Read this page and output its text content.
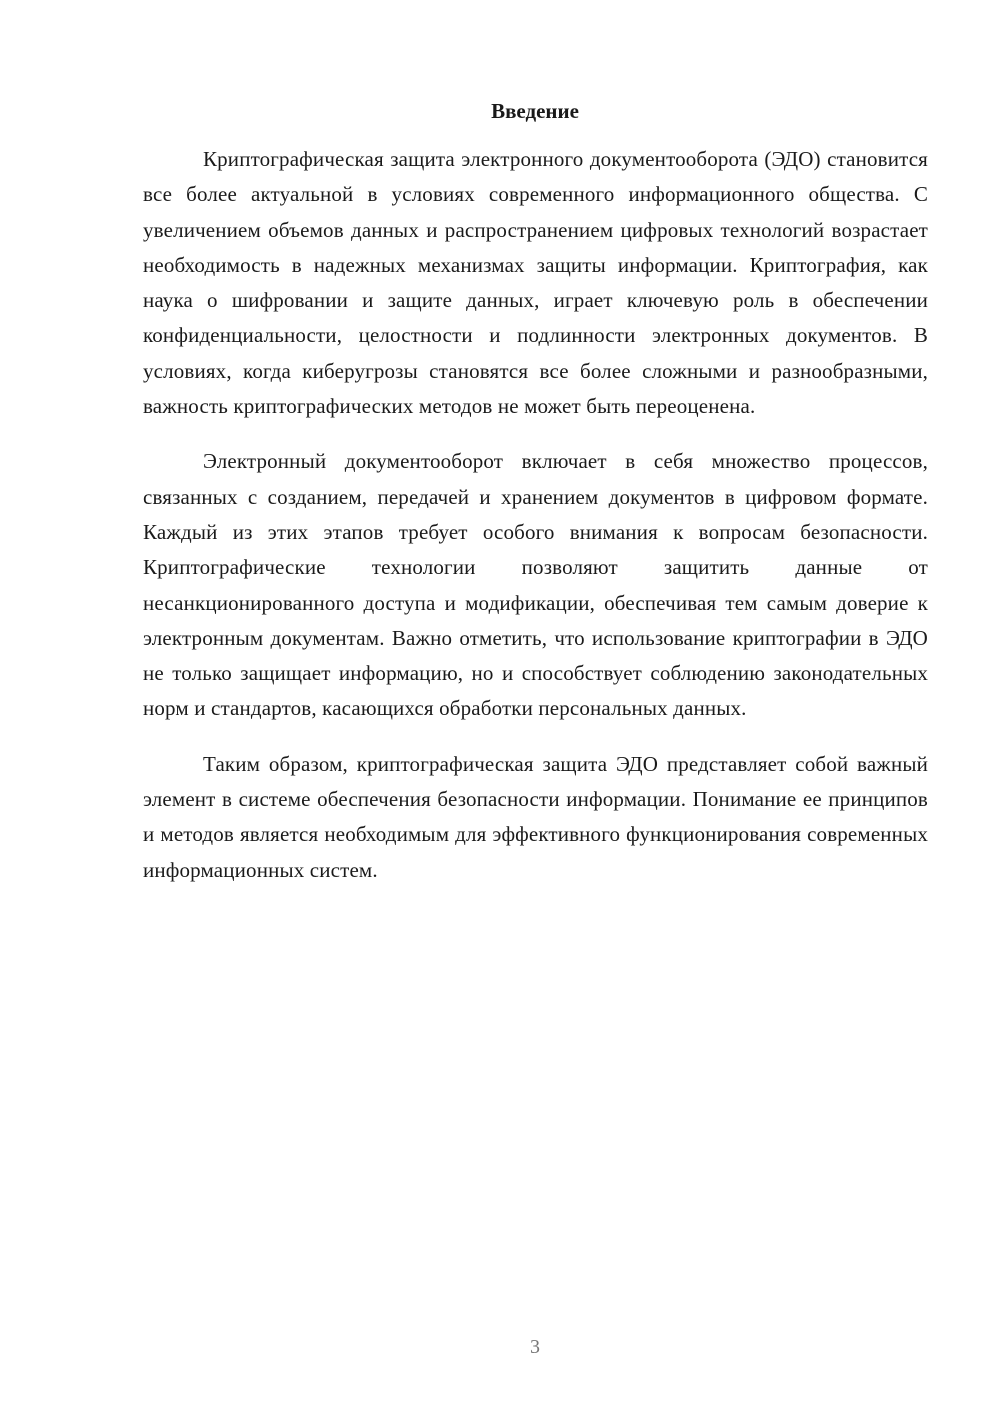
Введение

Криптографическая защита электронного документооборота (ЭДО) становится все более актуальной в условиях современного информационного общества. С увеличением объемов данных и распространением цифровых технологий возрастает необходимость в надежных механизмах защиты информации. Криптография, как наука о шифровании и защите данных, играет ключевую роль в обеспечении конфиденциальности, целостности и подлинности электронных документов. В условиях, когда киберугрозы становятся все более сложными и разнообразными, важность криптографических методов не может быть переоценена.

Электронный документооборот включает в себя множество процессов, связанных с созданием, передачей и хранением документов в цифровом формате. Каждый из этих этапов требует особого внимания к вопросам безопасности. Криптографические технологии позволяют защитить данные от несанкционированного доступа и модификации, обеспечивая тем самым доверие к электронным документам. Важно отметить, что использование криптографии в ЭДО не только защищает информацию, но и способствует соблюдению законодательных норм и стандартов, касающихся обработки персональных данных.

Таким образом, криптографическая защита ЭДО представляет собой важный элемент в системе обеспечения безопасности информации. Понимание ее принципов и методов является необходимым для эффективного функционирования современных информационных систем.

3
